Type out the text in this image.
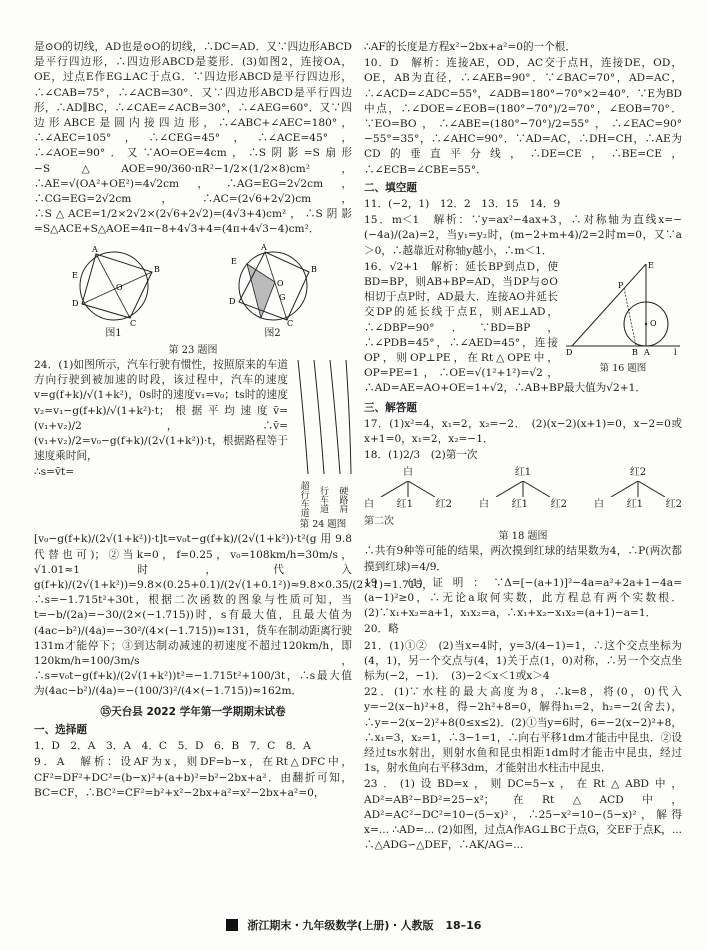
是⊙O的切线，AD也是⊙O的切线，∴DC=AD．又∵四边形ABCD是平行四边形，∴四边形ABCD是菱形．(3)如图2，连接OA，OE，过点E作EG⊥AC于点G．∵四边形ABCD是平行四边形，∴∠CAB=75°，∴∠ACB=30°．又∵四边形ABCD是平行四边形，∴AD∥BC，∴∠CAE=∠ACB=30°，∴∠AEG=60°．又∵四边形ABCE是圆内接四边形，∴∠ABC+∠AEC=180°，∴∠AEC=105°，∴∠CEG=45°，∴∠ACE=45°，∴∠AOE=90°．又∵AO=OE=4cm，∴S阴影=S扇形−S△AOE=90/360·πR²−1/2×(1/2×8)cm²，∴AE=√(OA²+OE²)=4√2cm，∴AG=EG=2√2cm，∴CG=EG=2√2cm，∴AC=(2√6+2√2)cm，∴S△ACE=1/2×2√2×(2√6+2√2)=(4√3+4)cm²，∴S阴影=S△ACE+S△AOE=4π−8+4√3+4=(4π+4√3−4)cm²．

A
B
C
D
E
O
图1
A
B
E
O
G
D
C
图2
第 23 题图
超行车道 行车道 硬路肩
第 24 题图

24．(1)如图所示，汽车行驶有惯性，按照原来的车道方向行驶到被加速的时段，该过程中，汽车的速度v=g(f+k)/√(1+k²)，0s时的速度v₁=v₀；ts时的速度v₂=v₁−g(f+k)/√(1+k²)·t；根据平均速度v̄=(v₁+v₂)/2，∴v̄=(v₁+v₂)/2=v₀−g(f+k)/(2√(1+k²))·t，根据路程等于速度乘时间，

∴s=v̄t=[v₀−g(f+k)/(2√(1+k²))·t]t=v₀t−g(f+k)/(2√(1+k²))·t²(g用9.8代替也可)；②当k=0，f=0.25，v₀=108km/h=30m/s，√1.01≈1时，代入g(f+k)/(2√(1+k²))=9.8×(0.25+0.1)/(2√(1+0.1²))≈9.8×0.35/(2×1)=1.715，∴s=−1.715t²+30t，根据二次函数的图象与性质可知，当t=−b/(2a)=−30/(2×(−1.715))时，s有最大值，且最大值为(4ac−b²)/(4a)=−30²/(4×(−1.715))≈131，货车在制动距离行驶131m才能停下；③到达制动减速的初速度不超过120km/h，即120km/h=100/3m/s，∴s=v₀t−g(f+k)/(2√(1+k²))t²=−1.715t²+100/3t，∴s最大值为(4ac−b²)/(4a)=−(100/3)²/(4×(−1.715))≈162m．

⑮天台县 2022 学年第一学期期末试卷
一、选择题

1．D　2．A　3．A　4．C　5．D　6．B　7．C　8．A

9．A　解析：设AF为x，则DF=b−x，在Rt△DFC中，CF²=DF²+DC²=(b−x)²+(a+b)²=b²−2bx+a²．由翻折可知，BC=CF，∴BC²=CF²=b²+x²−2bx+a²=x²−2bx+a²=0，

∴AF的长度是方程x²−2bx+a²=0的一个根．

10．D　解析：连接AE，OD，AC交于点H，连接DE，OD，OE，AB为直径，∴∠AEB=90°．∵∠BAC=70°，AD=AC，∴∠ACD=∠ADC=55°，∠ADB=180°−70°×2=40°．∵E为BD中点，∴∠DOE=∠EOB=(180°−70°)/2=70°，∠EOB=70°．∵EO=BO，∴∠ABE=(180°−70°)/2=55°，∴∠EAC=90°−55°=35°，∴∠AHC=90°．∵AD=AC，∴DH=CH，∴AE为CD的垂直平分线，∴DE=CE，∴BE=CE，∴∠ECB=∠CBE=55°．

二、填空题

11．(−2，1)　12．2　13．15　14．9

15．m＜1　解析：∵y=ax²−4ax+3，∴对称轴为直线x=−(−4a)/(2a)=2，当y₁=y₂时，(m−2+m+4)/2=2时m=0，又∵a＞0，∴越靠近对称轴y越小，∴m＜1．

P
O
D	B A	l
E
第 16 题图

16．√2+1　解析：延长BP到点D，使BD=BP，则AB+BP=AD，当DP与⊙O相切于点P时，AD最大．连接AO并延长交DP的延长线于点E，则AE⊥AD，∴∠DBP=90°．∵BD=BP，∴∠PDB=45°，∴∠AED=45°，连接OP，则OP⊥PE，在Rt△OPE中，OP=PE=1，∴OE=√(1²+1²)=√2，∴AD=AE=AO+OE=1+√2，∴AB+BP最大值为√2+1．

三、解答题

17．(1)x²=4，x₁=2，x₂=−2．　(2)(x−2)(x+1)=0，x−2=0或x+1=0，x₁=2，x₂=−1．

18．(1)2/3　(2)第一次

白
白 红1 红2
红1
白 红1 红2
红2
白 红1 红2
第二次
第 18 题图

∴共有9种等可能的结果，两次摸到红球的结果数为4，∴P(两次都摸到红球)=4/9．

19．(1)证明：∵Δ=[−(a+1)]²−4a=a²+2a+1−4a=(a−1)²≥0，∴无论a取何实数，此方程总有两个实数根．(2)∵x₁+x₂=a+1，x₁x₂=a，∴x₁+x₂−x₁x₂=(a+1)−a=1．

20．略

21．(1)①②　(2)当x=4时，y=3/(4−1)=1，∴这个交点坐标为(4，1)，另一个交点与(4，1)关于点(1，0)对称，∴另一个交点坐标为(−2，−1)．　(3)−2＜x＜1或x＞4

22．(1)∵水柱的最大高度为8，∴k=8，将(0，0)代入y=−2(x−h)²+8，得−2h²+8=0，解得h₁=2，h₂=−2(舍去)，∴y=−2(x−2)²+8(0≤x≤2)．(2)①当y=6时，6=−2(x−2)²+8，∴x₁=3，x₂=1，∴3−1=1，∴向右平移1dm才能击中昆虫．②设经过ts水射出，则射水鱼和昆虫相距1dm时才能击中昆虫，经过1s，射水鱼向右平移3dm，才能射出水柱击中昆虫．

23．(1)设BD=x，则DC=5−x，在Rt△ABD中，AD²=AB²−BD²=25−x²；在Rt△ACD中，AD²=AC²−DC²=10−(5−x)²，∴25−x²=10−(5−x)²，解得x=... ∴AD=... (2)如图，过点A作AG⊥BC于点G，交EF于点K，... ∴△ADG∽△DEF，∴AK/AG=...

浙江期末・九年级数学(上册)・人教版 18–16
